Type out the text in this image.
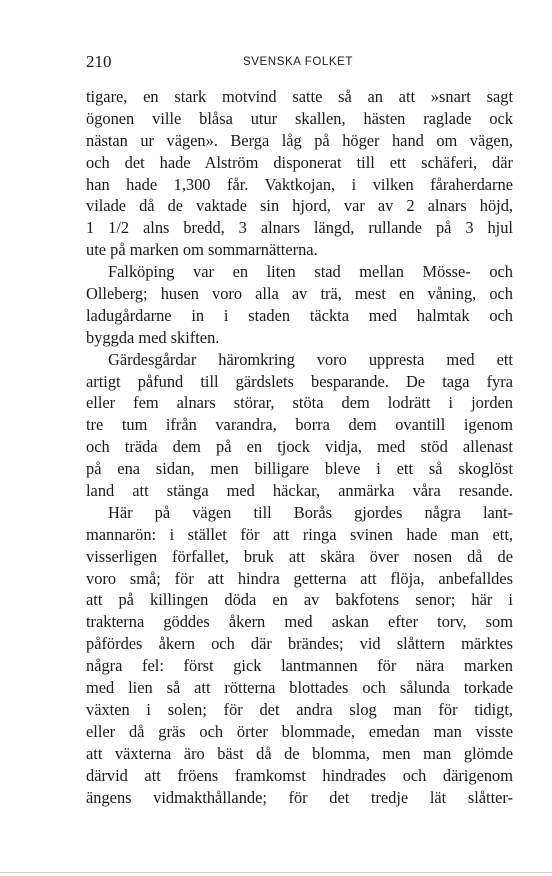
210	SVENSKA FOLKET
tigare, en stark motvind satte så an att »snart sagt
ögonen ville blåsa utur skallen, hästen raglade ock
nästan ur vägen». Berga låg på höger hand om vägen,
och det hade Alström disponerat till ett schäferi, där
han hade 1,300 får. Vaktkojan, i vilken fåraherdarne
vilade då de vaktade sin hjord, var av 2 alnars höjd,
1 1/2 alns bredd, 3 alnars längd, rullande på 3 hjul
ute på marken om sommarnätterna.
Falköping var en liten stad mellan Mösse- och
Olleberg; husen voro alla av trä, mest en våning, och
ladugårdarne in i staden täckta med halmtak och
byggda med skiften.
Gärdesgårdar häromkring voro uppresta med ett
artigt påfund till gärdslets besparande. De taga fyra
eller fem alnars störar, stöta dem lodrätt i jorden
tre tum ifrån varandra, borra dem ovantill igenom
och träda dem på en tjock vidja, med stöd allenast
på ena sidan, men billigare bleve i ett så skoglöst
land att stänga med häckar, anmärka våra resande.
Här på vägen till Borås gjordes några lant-
mannarön: i stället för att ringa svinen hade man ett,
visserligen förfallet, bruk att skära över nosen då de
voro små; för att hindra getterna att flöja, anbefalldes
att på killingen döda en av bakfotens senor; här i
trakterna göddes åkern med askan efter torv, som
påfördes åkern och där brändes; vid slåttern märktes
några fel: först gick lantmannen för nära marken
med lien så att rötterna blottades och sålunda torkade
växten i solen; för det andra slog man för tidigt,
eller då gräs och örter blommade, emedan man visste
att växterna äro bäst då de blomma, men man glömde
därvid att fröens framkomst hindrades och därigenom
ängens vidmakthållande; för det tredje lät slåtter-
